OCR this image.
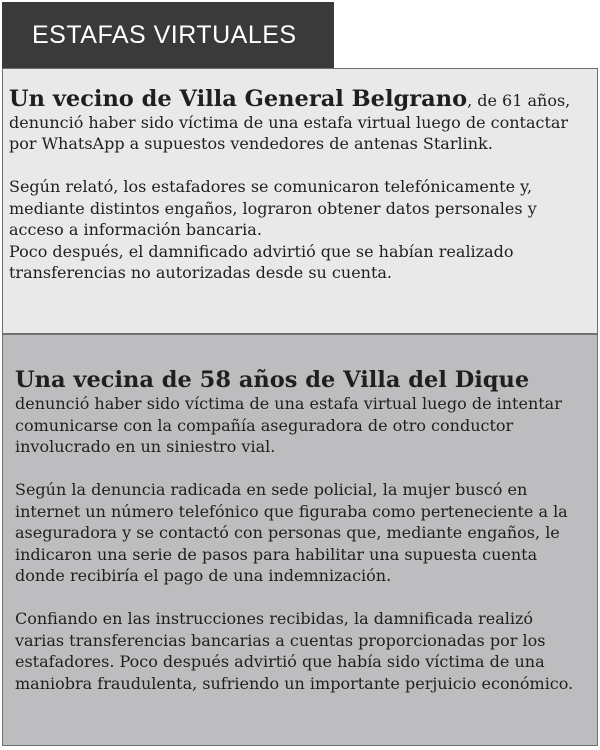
ESTAFAS VIRTUALES

Un vecino de Villa General Belgrano, de 61 años, denunció haber sido víctima de una estafa virtual luego de contactar por WhatsApp a supuestos vendedores de antenas Starlink.

Según relató, los estafadores se comunicaron telefónicamente y, mediante distintos engaños, lograron obtener datos personales y acceso a información bancaria.

Poco después, el damnificado advirtió que se habían realizado transferencias no autorizadas desde su cuenta.

Una vecina de 58 años de Villa del Dique

denunció haber sido víctima de una estafa virtual luego de intentar comunicarse con la compañía aseguradora de otro conductor involucrado en un siniestro vial.

Según la denuncia radicada en sede policial, la mujer buscó en internet un número telefónico que figuraba como perteneciente a la aseguradora y se contactó con personas que, mediante engaños, le indicaron una serie de pasos para habilitar una supuesta cuenta donde recibiría el pago de una indemnización.

Confiando en las instrucciones recibidas, la damnificada realizó varias transferencias bancarias a cuentas proporcionadas por los estafadores. Poco después advirtió que había sido víctima de una maniobra fraudulenta, sufriendo un importante perjuicio económico.
